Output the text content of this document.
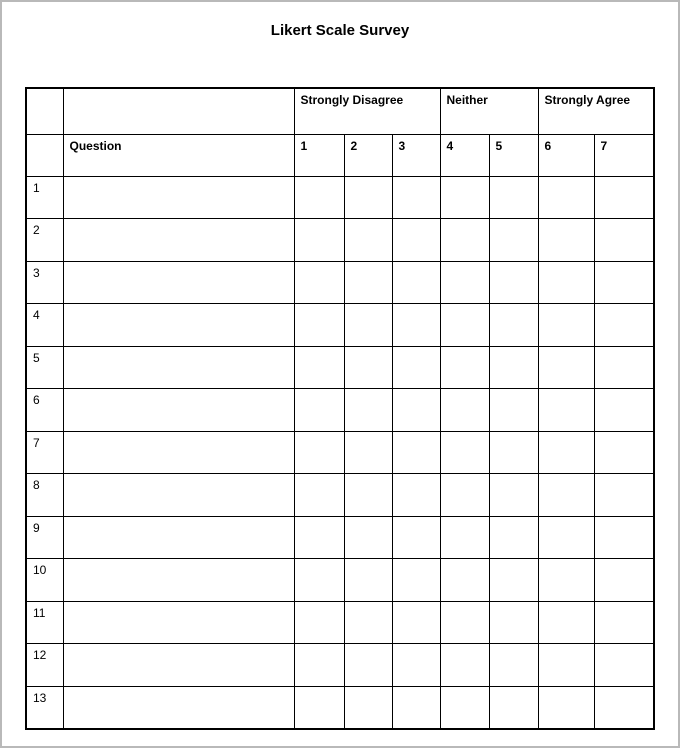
Likert Scale Survey
		Strongly Disagree			Neither		Strongly Agree	
	Question	1	2	3	4	5	6	7
1								
2								
3								
4								
5								
6								
7								
8								
9								
10								
11								
12								
13								
